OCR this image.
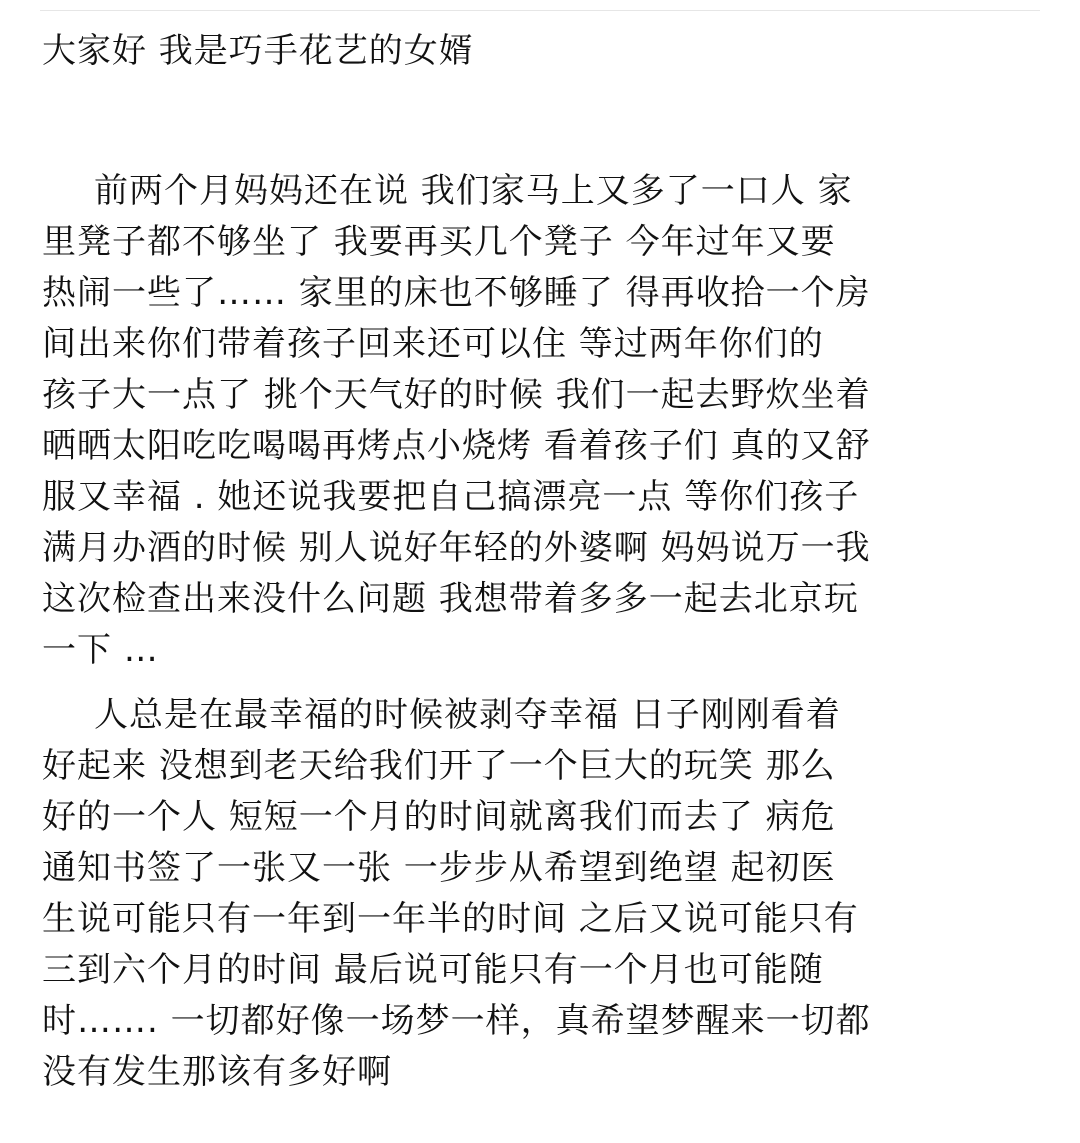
大家好 我是巧手花艺的女婿
前两个月妈妈还在说 我们家马上又多了一口人 家
里凳子都不够坐了 我要再买几个凳子 今年过年又要
热闹一些了…… 家里的床也不够睡了 得再收拾一个房
间出来你们带着孩子回来还可以住 等过两年你们的
孩子大一点了 挑个天气好的时候 我们一起去野炊坐着
晒晒太阳吃吃喝喝再烤点小烧烤 看着孩子们 真的又舒
服又幸福 . 她还说我要把自己搞漂亮一点 等你们孩子
满月办酒的时候 别人说好年轻的外婆啊 妈妈说万一我
这次检查出来没什么问题 我想带着多多一起去北京玩
一下 …
人总是在最幸福的时候被剥夺幸福 日子刚刚看着
好起来 没想到老天给我们开了一个巨大的玩笑 那么
好的一个人 短短一个月的时间就离我们而去了 病危
通知书签了一张又一张 一步步从希望到绝望 起初医
生说可能只有一年到一年半的时间 之后又说可能只有
三到六个月的时间 最后说可能只有一个月也可能随
时……. 一切都好像一场梦一样，真希望梦醒来一切都
没有发生那该有多好啊
